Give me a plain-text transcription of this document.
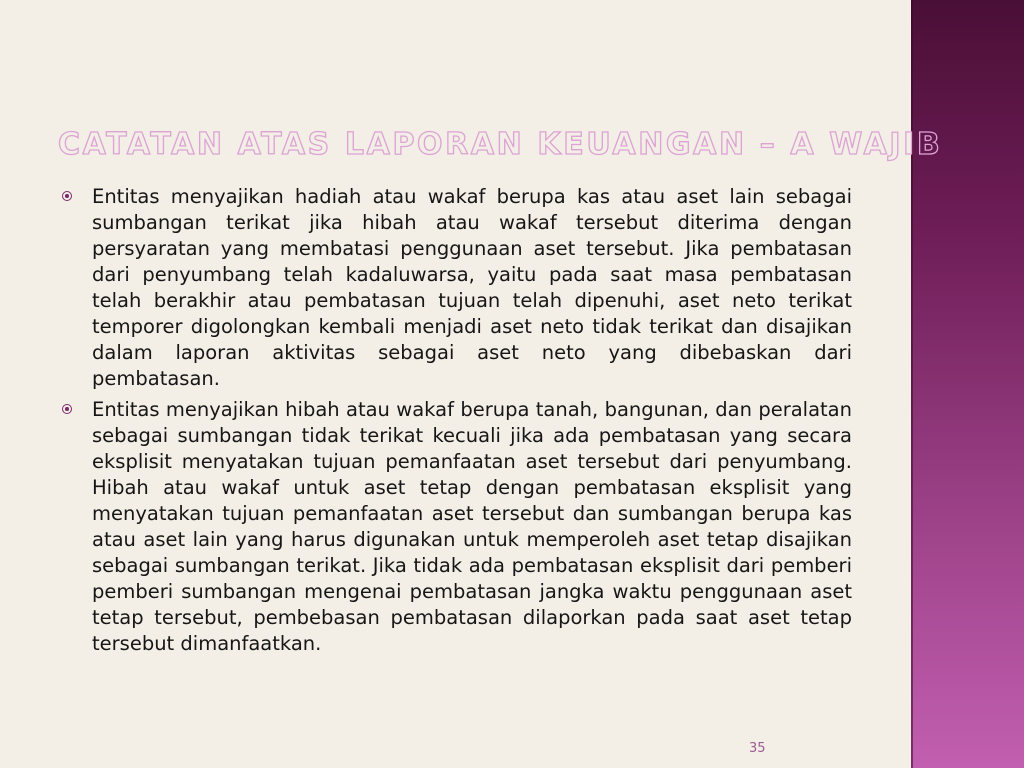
CATATAN ATAS LAPORAN KEUANGAN – A WAJIB
Entitas menyajikan hadiah atau wakaf berupa kas atau aset lain sebagai sumbangan terikat jika hibah atau wakaf tersebut diterima dengan persyaratan yang membatasi penggunaan aset tersebut. Jika pembatasan dari penyumbang telah kadaluwarsa, yaitu pada saat masa pembatasan telah berakhir atau pembatasan tujuan telah dipenuhi, aset neto terikat temporer digolongkan kembali menjadi aset neto tidak terikat dan disajikan dalam laporan aktivitas sebagai aset neto yang dibebaskan dari pembatasan.
Entitas menyajikan hibah atau wakaf berupa tanah, bangunan, dan peralatan sebagai sumbangan tidak terikat kecuali jika ada pembatasan yang secara eksplisit menyatakan tujuan pemanfaatan aset tersebut dari penyumbang. Hibah atau wakaf untuk aset tetap dengan pembatasan eksplisit yang menyatakan tujuan pemanfaatan aset tersebut dan sumbangan berupa kas atau aset lain yang harus digunakan untuk memperoleh aset tetap disajikan sebagai sumbangan terikat. Jika tidak ada pembatasan eksplisit dari pemberi pemberi sumbangan mengenai pembatasan jangka waktu penggunaan aset tetap tersebut, pembebasan pembatasan dilaporkan pada saat aset tetap tersebut dimanfaatkan.
35
